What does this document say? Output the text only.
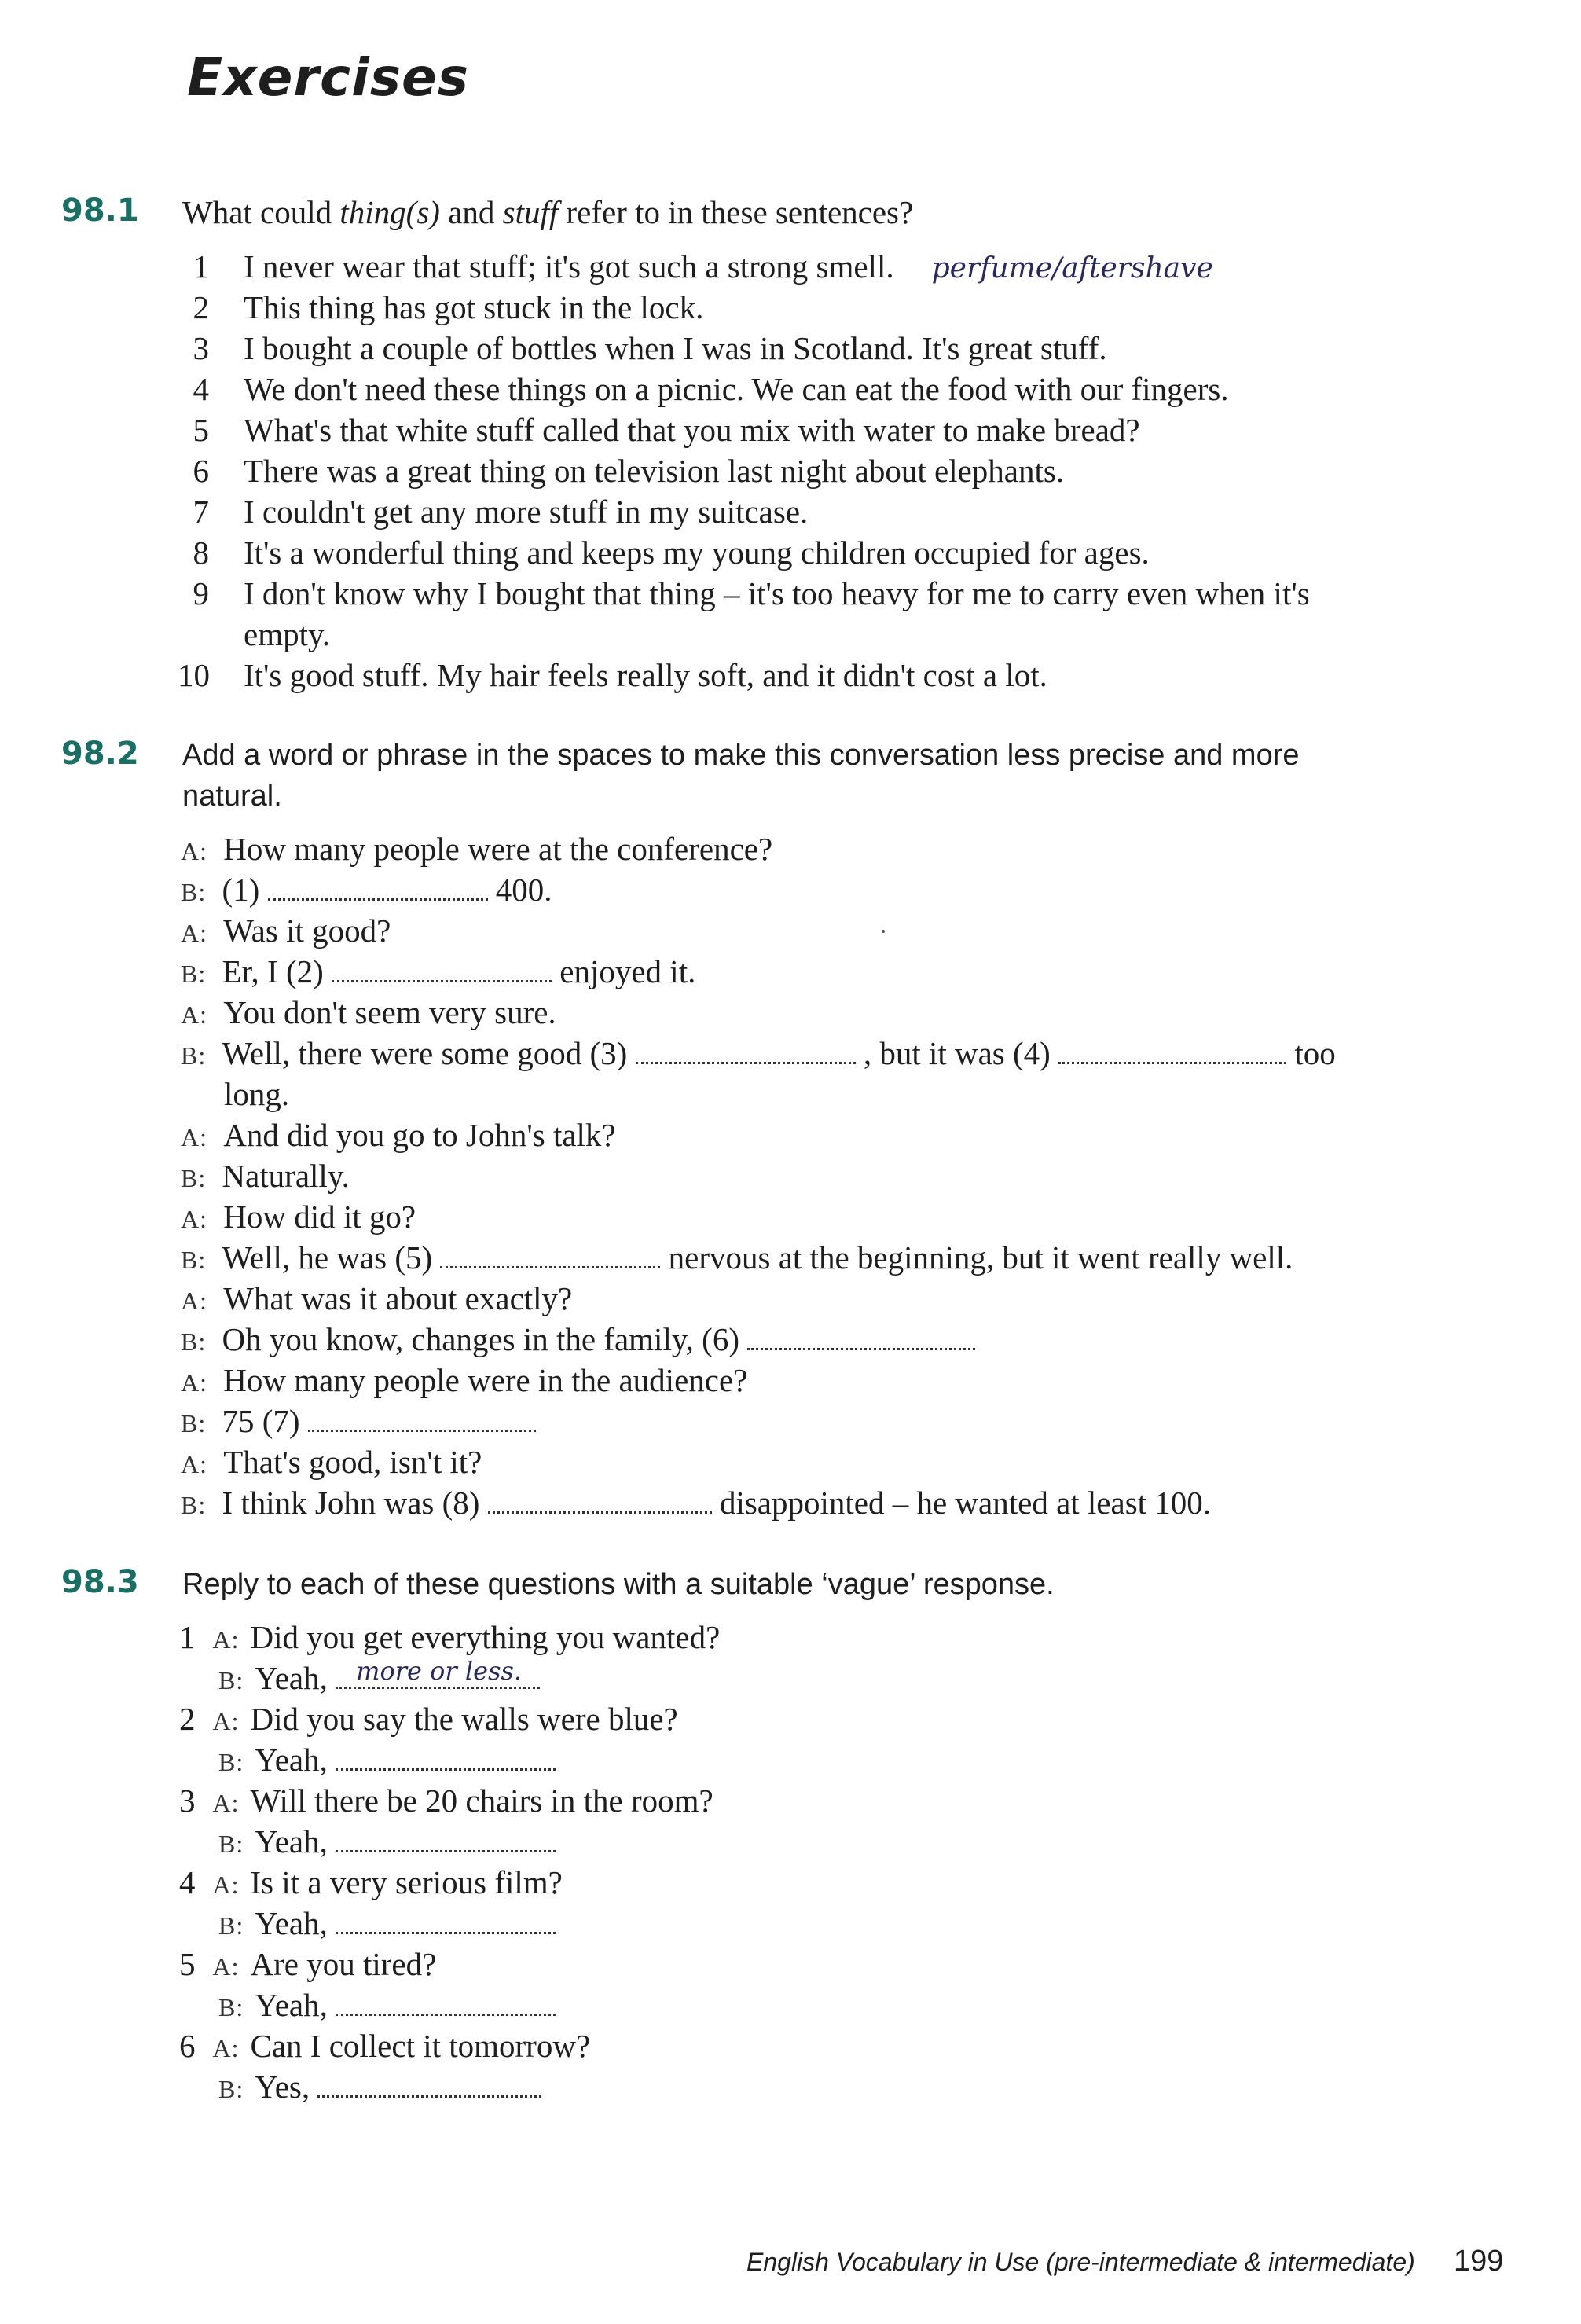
Exercises
98.1 What could thing(s) and stuff refer to in these sentences?
1 I never wear that stuff; it's got such a strong smell. perfume/aftershave
2 This thing has got stuck in the lock.
3 I bought a couple of bottles when I was in Scotland. It's great stuff.
4 We don't need these things on a picnic. We can eat the food with our fingers.
5 What's that white stuff called that you mix with water to make bread?
6 There was a great thing on television last night about elephants.
7 I couldn't get any more stuff in my suitcase.
8 It's a wonderful thing and keeps my young children occupied for ages.
9 I don't know why I bought that thing – it's too heavy for me to carry even when it's
empty.
10 It's good stuff. My hair feels really soft, and it didn't cost a lot.
98.2 Add a word or phrase in the spaces to make this conversation less precise and more
natural.
A: How many people were at the conference?
B: (1)	400.
A: Was it good?
B: Er, I (2)	enjoyed it.
A: You don't seem very sure.
B: Well, there were some good (3)	, but it was (4)	too
long.
A: And did you go to John's talk?
B: Naturally.
A: How did it go?
B: Well, he was (5)	nervous at the beginning, but it went really well.
A: What was it about exactly?
B: Oh you know, changes in the family, (6)
A: How many people were in the audience?
B: 75 (7)
A: That's good, isn't it?
B: I think John was (8)	disappointed – he wanted at least 100.
98.3 Reply to each of these questions with a suitable ‘vague’ response.
1 A: Did you get everything you wanted?
B: Yeah, more or less.
2 A: Did you say the walls were blue?
B: Yeah,
3 A: Will there be 20 chairs in the room?
B: Yeah,
4 A: Is it a very serious film?
B: Yeah,
5 A: Are you tired?
B: Yeah,
6 A: Can I collect it tomorrow?
B: Yes,
English Vocabulary in Use (pre-intermediate & intermediate) 199
